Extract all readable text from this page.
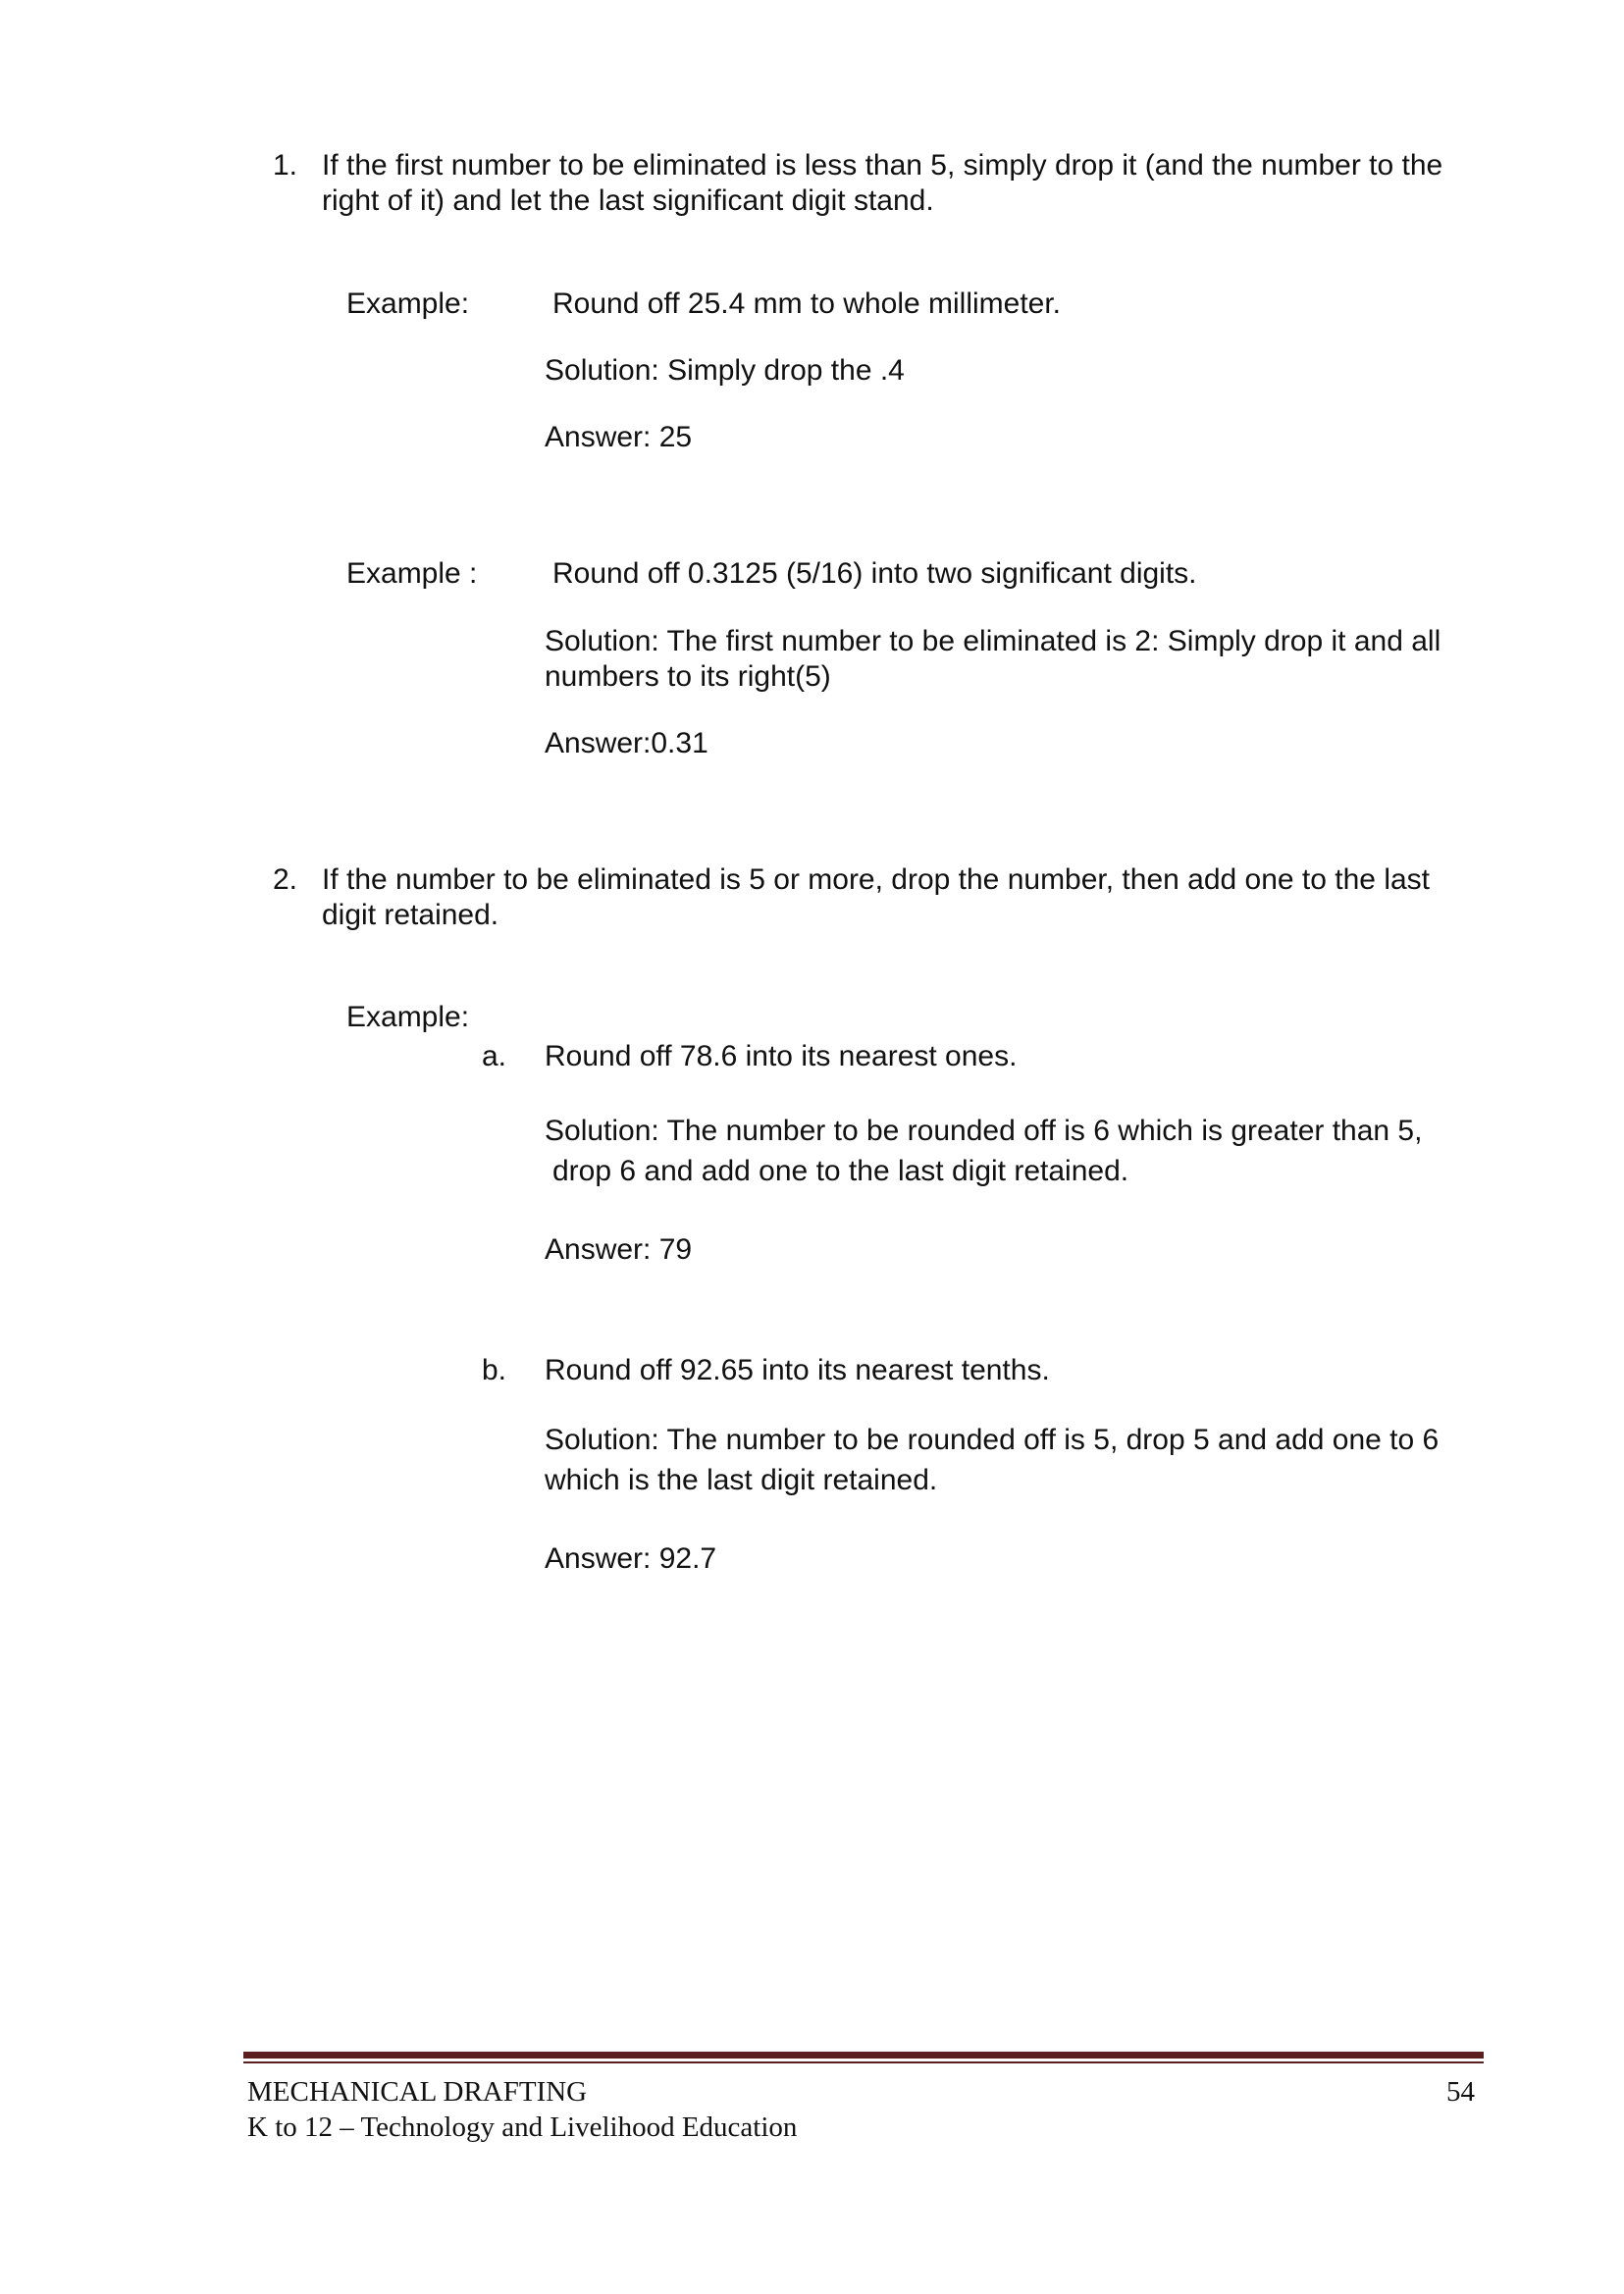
1. If the first number to be eliminated is less than 5, simply drop it (and the number to the
right of it) and let the last significant digit stand.
Example:	Round off 25.4 mm to whole millimeter.
Solution: Simply drop the .4
Answer: 25
Example :	Round off 0.3125 (5/16) into two significant digits.
Solution: The first number to be eliminated is 2: Simply drop it and all
numbers to its right(5)
Answer:0.31
2. If the number to be eliminated is 5 or more, drop the number, then add one to the last
digit retained.
Example:
a. Round off 78.6 into its nearest ones.
Solution: The number to be rounded off is 6 which is greater than 5,
drop 6 and add one to the last digit retained.
Answer: 79
b. Round off 92.65 into its nearest tenths.
Solution: The number to be rounded off is 5, drop 5 and add one to 6
which is the last digit retained.
Answer: 92.7
MECHANICAL DRAFTING
K to 12 – Technology and Livelihood Education
54
